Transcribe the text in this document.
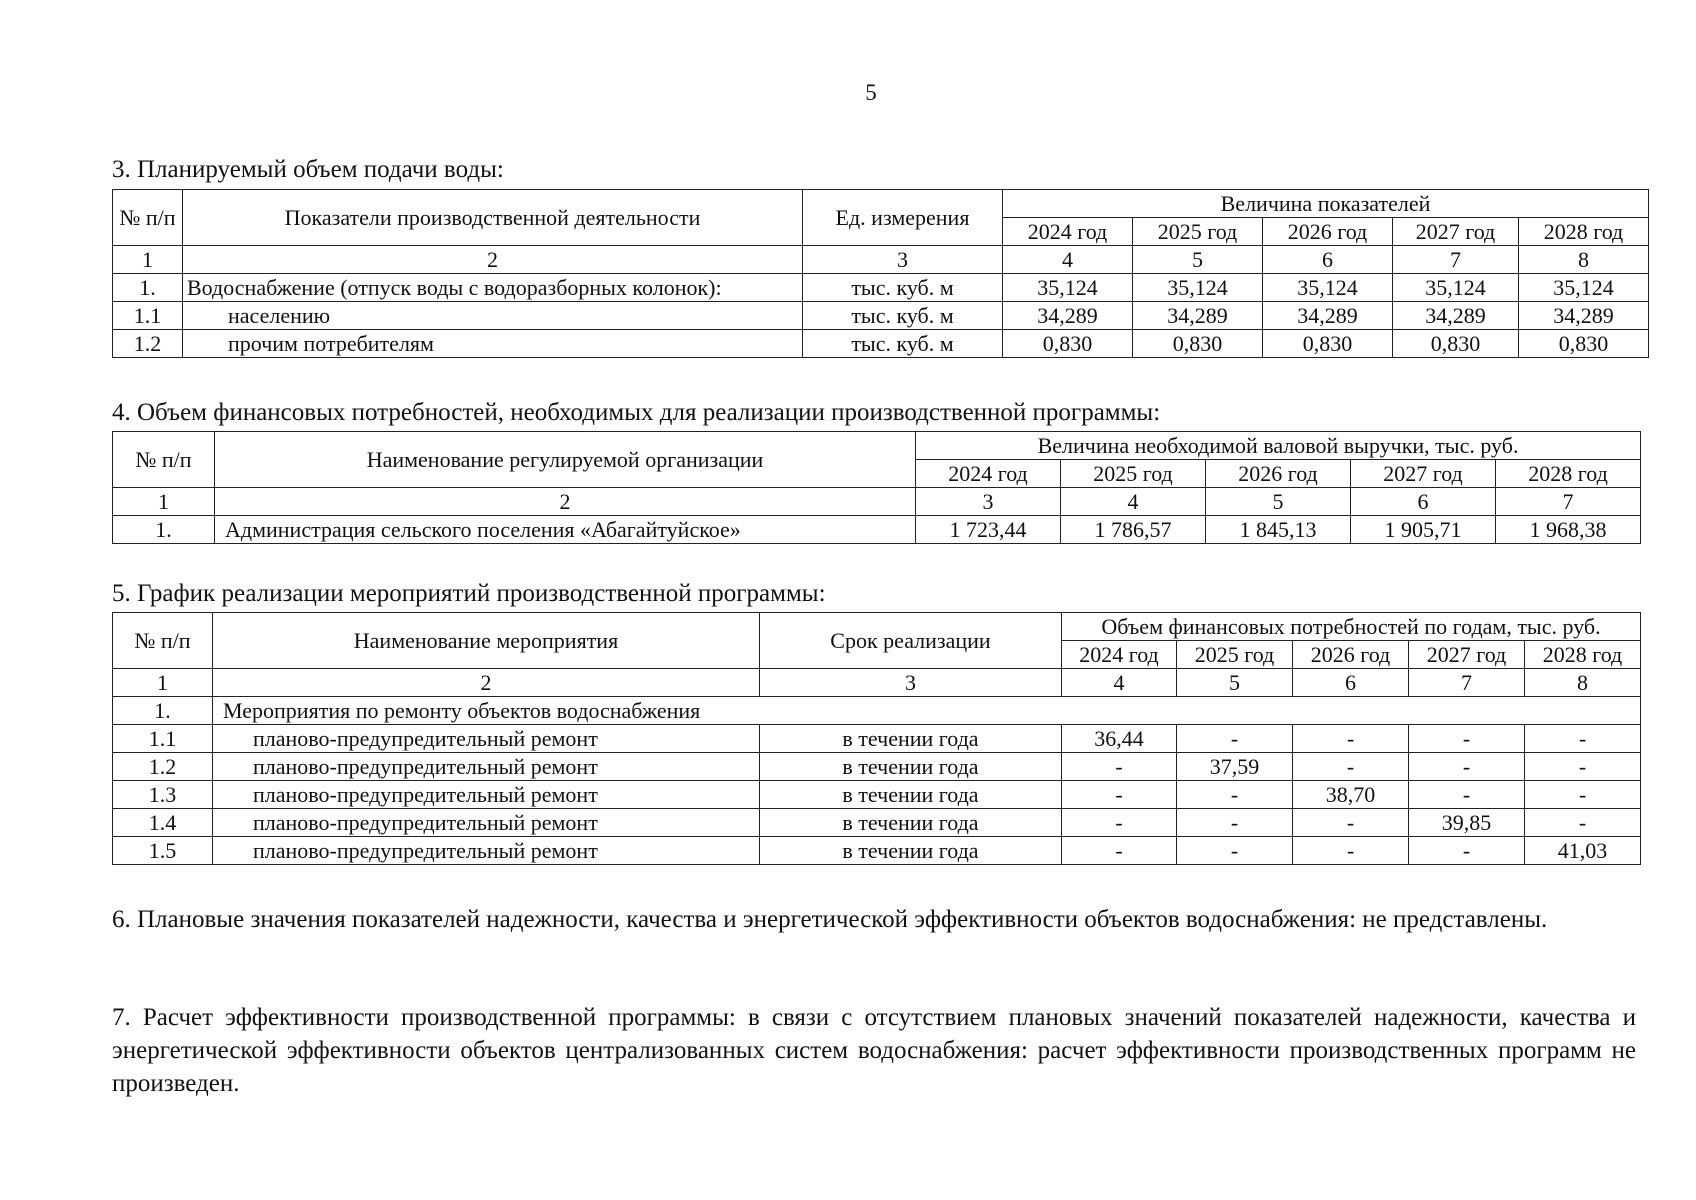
5
3. Планируемый объем подачи воды:
№ п/п	Показатели производственной деятельности	Ед. измерения	Величина показателей				
			2024 год	2025 год	2026 год	2027 год	2028 год
1	2	3	4	5	6	7	8
1.	Водоснабжение (отпуск воды с водоразборных колонок):	тыс. куб. м	35,124	35,124	35,124	35,124	35,124
1.1	населению	тыс. куб. м	34,289	34,289	34,289	34,289	34,289
1.2	прочим потребителям	тыс. куб. м	0,830	0,830	0,830	0,830	0,830
4. Объем финансовых потребностей, необходимых для реализации производственной программы:
№ п/п	Наименование регулируемой организации	Величина необходимой валовой выручки, тыс. руб.				
		2024 год	2025 год	2026 год	2027 год	2028 год
1	2	3	4	5	6	7
1.	Администрация сельского поселения «Абагайтуйское»	1 723,44	1 786,57	1 845,13	1 905,71	1 968,38
5. График реализации мероприятий производственной программы:
№ п/п	Наименование мероприятия	Срок реализации	Объем финансовых потребностей по годам, тыс. руб.				
			2024 год	2025 год	2026 год	2027 год	2028 год
1	2	3	4	5	6	7	8
1.	Мероприятия по ремонту объектов водоснабжения						
1.1	планово-предупредительный ремонт	в течении года	36,44	-	-	-	-
1.2	планово-предупредительный ремонт	в течении года	-	37,59	-	-	-
1.3	планово-предупредительный ремонт	в течении года	-	-	38,70	-	-
1.4	планово-предупредительный ремонт	в течении года	-	-	-	39,85	-
1.5	планово-предупредительный ремонт	в течении года	-	-	-	-	41,03
6. Плановые значения показателей надежности, качества и энергетической эффективности объектов водоснабжения: не представлены.
7. Расчет эффективности производственной программы: в связи с отсутствием плановых значений показателей надежности, качества и энергетической эффективности объектов централизованных систем водоснабжения: расчет эффективности производственных программ не произведен.
